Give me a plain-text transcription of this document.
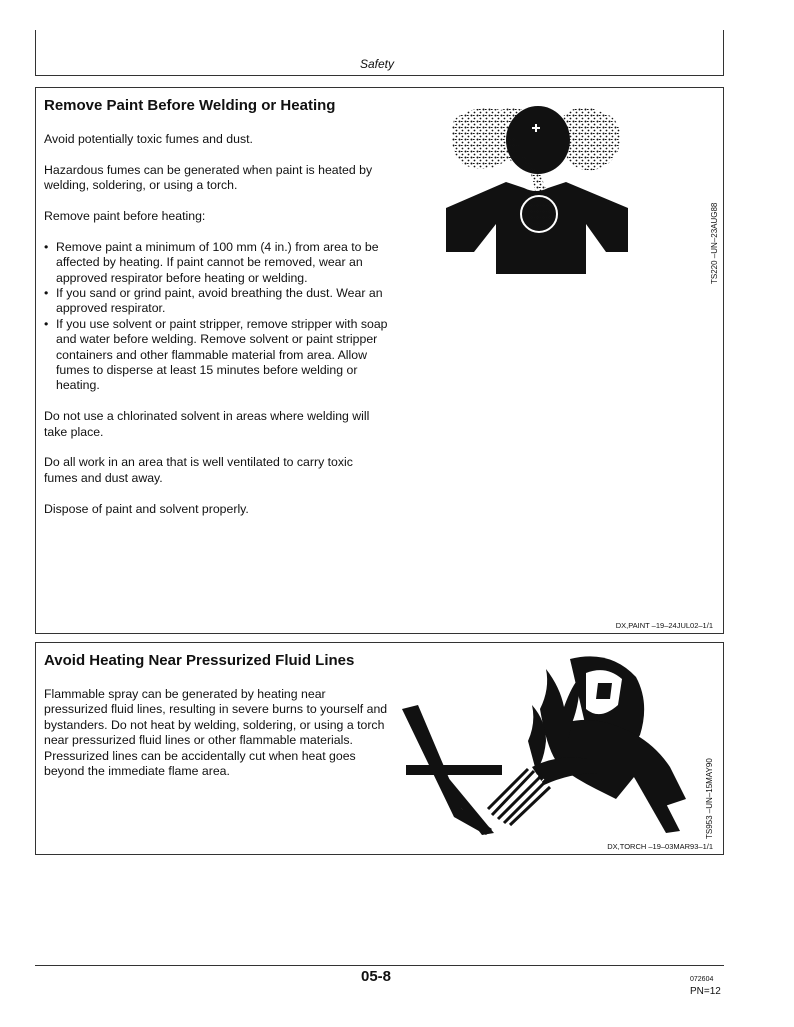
Safety
Remove Paint Before Welding or Heating

Avoid potentially toxic fumes and dust.

Hazardous fumes can be generated when paint is heated by welding, soldering, or using a torch.

Remove paint before heating:

• Remove paint a minimum of 100 mm (4 in.) from area to be affected by heating. If paint cannot be removed, wear an approved respirator before heating or welding.
• If you sand or grind paint, avoid breathing the dust. Wear an approved respirator.
• If you use solvent or paint stripper, remove stripper with soap and water before welding. Remove solvent or paint stripper containers and other flammable material from area. Allow fumes to disperse at least 15 minutes before welding or heating.

Do not use a chlorinated solvent in areas where welding will take place.

Do all work in an area that is well ventilated to carry toxic fumes and dust away.

Dispose of paint and solvent properly.

TS220 –UN–23AUG88
DX,PAINT –19–24JUL02–1/1
Avoid Heating Near Pressurized Fluid Lines

Flammable spray can be generated by heating near pressurized fluid lines, resulting in severe burns to yourself and bystanders. Do not heat by welding, soldering, or using a torch near pressurized fluid lines or other flammable materials. Pressurized lines can be accidentally cut when heat goes beyond the immediate flame area.	TS953 –UN–15MAY90
DX,TORCH –19–03MAR93–1/1
05-8	072604
PN=12
